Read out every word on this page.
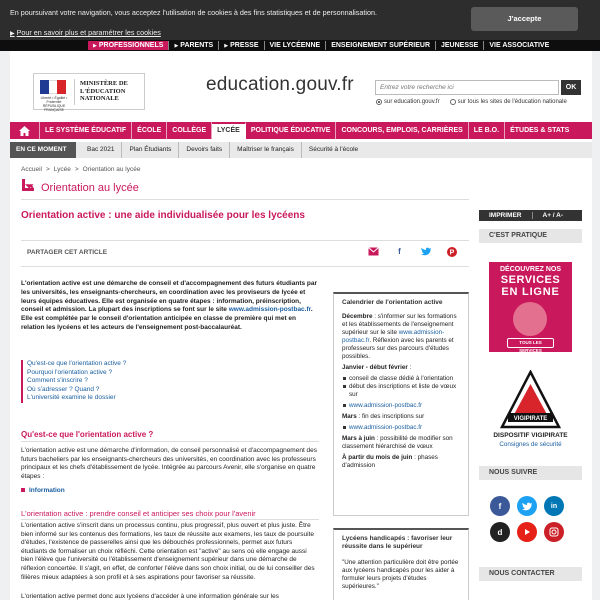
En poursuivant votre navigation, vous acceptez l'utilisation de cookies à des fins statistiques et de personnalisation.
▶ Pour en savoir plus et paramétrer les cookies
J'accepte
▶ PROFESSIONNELS	▶ PARENTS	▶ PRESSE	VIE LYCÉENNE	ENSEIGNEMENT SUPÉRIEUR	JEUNESSE	VIE ASSOCIATIVE
Liberté • Égalité • Fraternité RÉPUBLIQUE FRANÇAISE
MINISTÈRE DE L'ÉDUCATION NATIONALE
education.gouv.fr
Entrez votre recherche ici	OK
sur education.gouv.fr	sur tous les sites de l'éducation nationale
LE SYSTÈME ÉDUCATIF	ÉCOLE	COLLÈGE	LYCÉE	POLITIQUE ÉDUCATIVE	CONCOURS, EMPLOIS, CARRIÈRES	LE B.O.	ÉTUDES & STATS
EN CE MOMENT	Bac 2021	Plan Étudiants	Devoirs faits	Maîtriser le français	Sécurité à l'école
Accueil > Lycée > Orientation au lycée
Orientation au lycée
Orientation active : une aide individualisée pour les lycéens
PARTAGER CET ARTICLE	f	P
L'orientation active est une démarche de conseil et d'accompagnement des futurs étudiants par les universités, les enseignants-chercheurs, en coordination avec les proviseurs de lycée et leurs équipes éducatives. Elle est organisée en quatre étapes : information, préinscription, conseil et admission. La plupart des inscriptions se font sur le site www.admission-postbac.fr. Elle est complétée par le conseil d'orientation anticipée en classe de première qui met en relation les lycéens et les acteurs de l'enseignement post-baccalauréat.
Qu'est-ce que l'orientation active ?
Pourquoi l'orientation active ?
Comment s'inscrire ?
Où s'adresser ? Quand ?
L'université examine le dossier
Qu'est-ce que l'orientation active ?
L'orientation active est une démarche d'information, de conseil personnalisé et d'accompagnement des futurs bacheliers par les enseignants-chercheurs des universités, en coordination avec les professeurs principaux et les chefs d'établissement de lycée. Intégrée au parcours Avenir, elle s'organise en quatre étapes :
Information
L'orientation active : prendre conseil et anticiper ses choix pour l'avenir
L'orientation active s'inscrit dans un processus continu, plus progressif, plus ouvert et plus juste. Être bien informé sur les contenus des formations, les taux de réussite aux examens, les taux de poursuite d'études, l'existence de passerelles ainsi que les débouchés professionnels, permet aux futurs étudiants de formaliser un choix réfléchi. Cette orientation est "active" au sens où elle engage aussi bien l'élève que l'université ou l'établissement d'enseignement supérieur dans une démarche de réflexion concertée. Il s'agit, en effet, de conforter l'élève dans son choix initial, ou de lui conseiller des filières mieux adaptées à son profil et à ses aspirations pour favoriser sa réussite.
L'orientation active permet donc aux lycéens d'accéder à une information générale sur les
Calendrier de l'orientation active

Décembre : s'informer sur les formations et les établissements de l'enseignement supérieur sur le site www.admission-postbac.fr. Réflexion avec les parents et professeurs sur des parcours d'études possibles.

Janvier - début février :

conseil de classe dédié à l'orientation
début des inscriptions et liste de vœux sur

www.admission-postbac.fr

Mars : fin des inscriptions sur

www.admission-postbac.fr

Mars à juin : possibilité de modifier son classement hiérarchisé de vœux

À partir du mois de juin : phases d'admission

Lycéens handicapés : favoriser leur réussite dans le supérieur

"Une attention particulière doit être portée aux lycéens handicapés pour les aider à formuler leurs projets d'études supérieures."

IMPRIMER	A+ / A-
C'EST PRATIQUE
DÉCOUVREZ NOS
SERVICES
EN LIGNE
TOUS LES SERVICES
VIGIPIRATE
DISPOSITIF VIGIPIRATE
Consignes de sécurité
NOUS SUIVRE
f	in
d
NOUS CONTACTER
